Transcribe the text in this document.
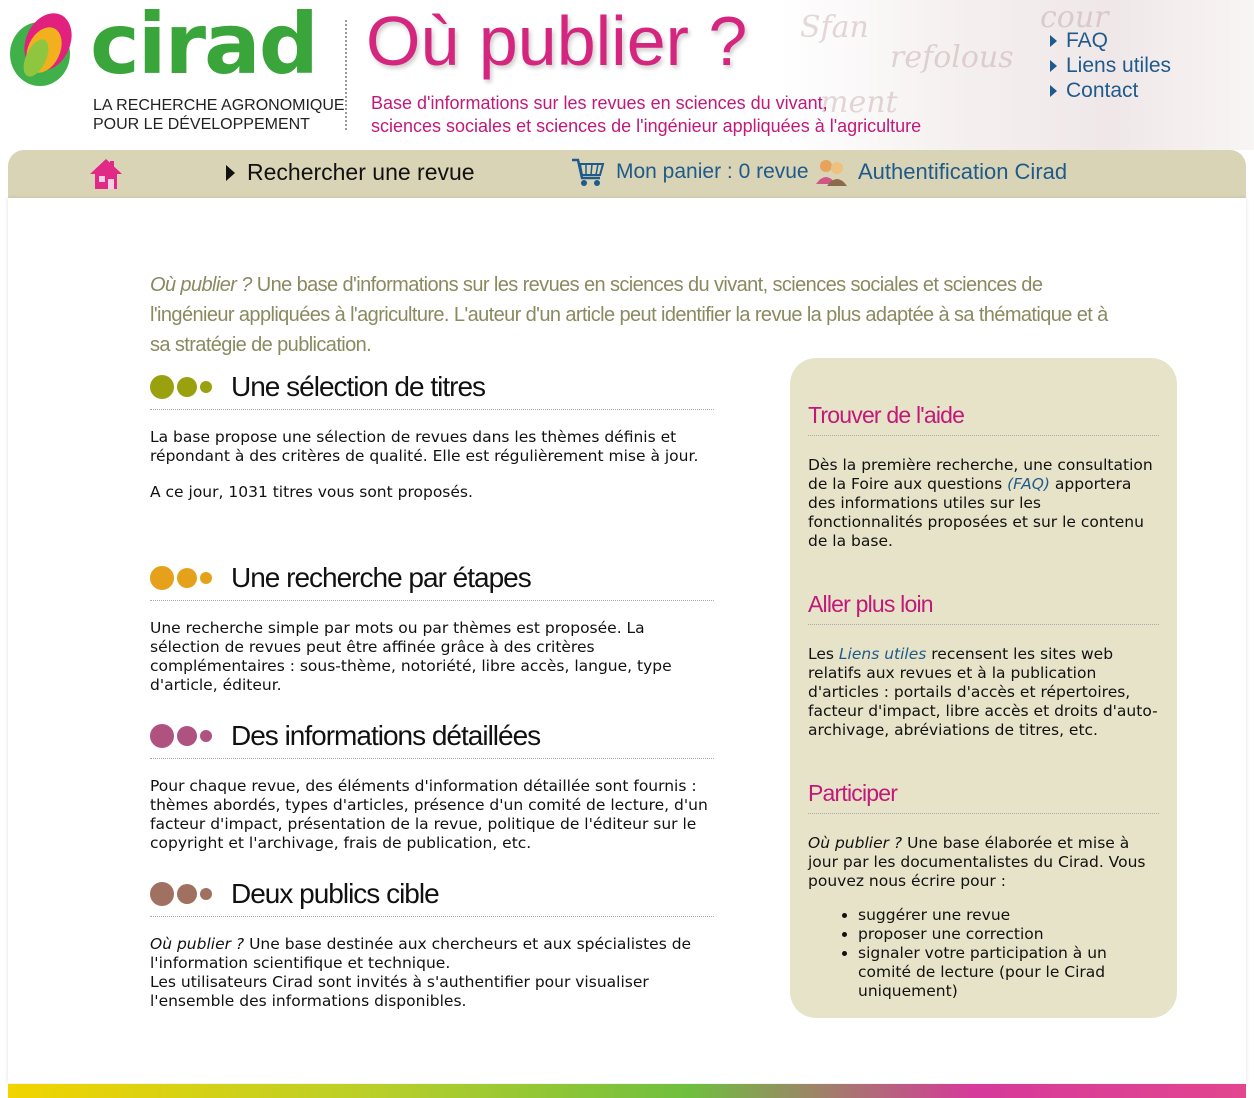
Sfan
refolous
cour
ment
cirad
LA RECHERCHE AGRONOMIQUE
POUR LE DÉVELOPPEMENT
Où publier ?
Base d'informations sur les revues en sciences du vivant,
sciences sociales et sciences de l'ingénieur appliquées à l'agriculture
FAQ
Liens utiles
Contact
Rechercher une revue	Mon panier : 0 revue Authentification Cirad
Où publier ? Une base d'informations sur les revues en sciences du vivant, sciences sociales et sciences de l'ingénieur appliquées à l'agriculture. L'auteur d'un article peut identifier la revue la plus adaptée à sa thématique et à sa stratégie de publication.
Une sélection de titres

La base propose une sélection de revues dans les thèmes définis et répondant à des critères de qualité. Elle est régulièrement mise à jour.

A ce jour, 1031 titres vous sont proposés.

Une recherche par étapes

Une recherche simple par mots ou par thèmes est proposée. La sélection de revues peut être affinée grâce à des critères complémentaires : sous-thème, notoriété, libre accès, langue, type d'article, éditeur.

Des informations détaillées

Pour chaque revue, des éléments d'information détaillée sont fournis : thèmes abordés, types d'articles, présence d'un comité de lecture, d'un facteur d'impact, présentation de la revue, politique de l'éditeur sur le copyright et l'archivage, frais de publication, etc.

Deux publics cible
Où publier ? Une base destinée aux chercheurs et aux spécialistes de l'information scientifique et technique.
Les utilisateurs Cirad sont invités à s'authentifier pour visualiser l'ensemble des informations disponibles.
Trouver de l'aide
Dès la première recherche, une consultation de la Foire aux questions (FAQ) apportera des informations utiles sur les fonctionnalités proposées et sur le contenu de la base.
Aller plus loin
Les Liens utiles recensent les sites web relatifs aux revues et à la publication d'articles : portails d'accès et répertoires, facteur d'impact, libre accès et droits d'auto-archivage, abréviations de titres, etc.
Participer
Où publier ? Une base élaborée et mise à jour par les documentalistes du Cirad. Vous pouvez nous écrire pour :
• suggérer une revue
• proposer une correction
• signaler votre participation à un comité de lecture (pour le Cirad uniquement)
